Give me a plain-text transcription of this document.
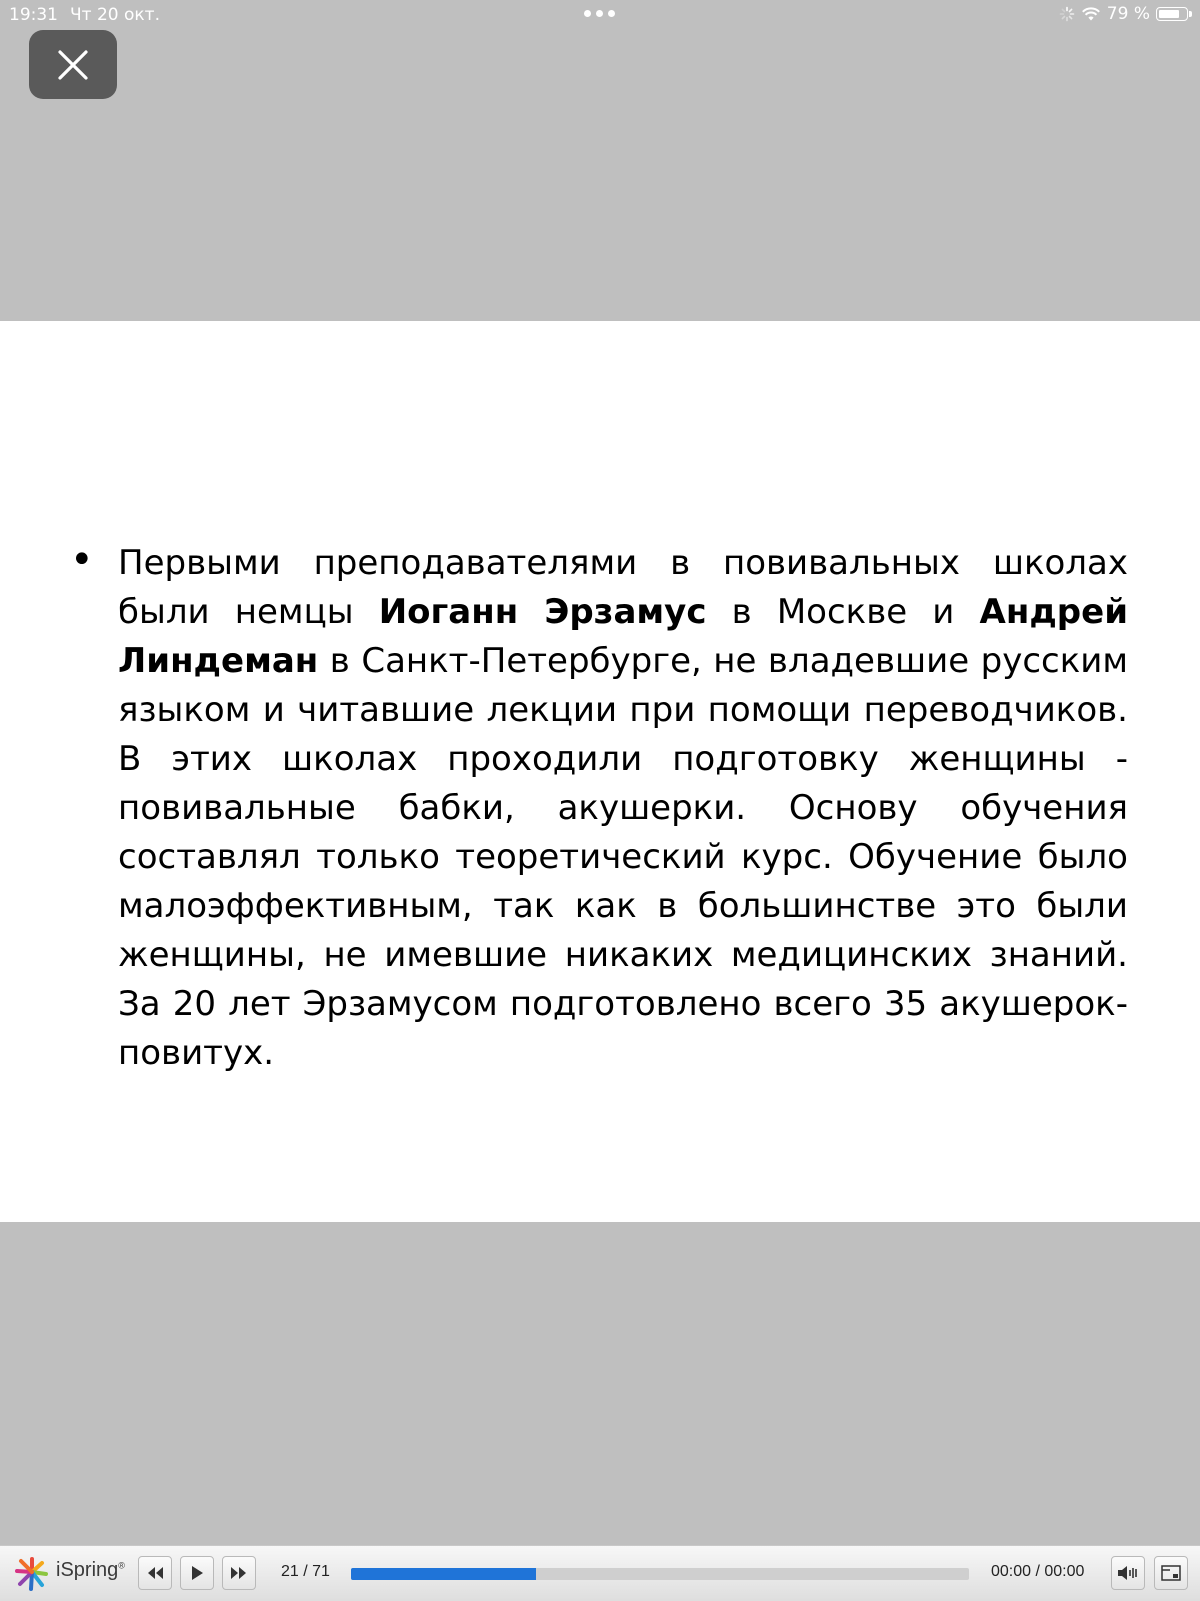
19:31 Чт 20 окт.	79 %
• Первыми преподавателями в повивальных школах были немцы Иоганн Эрзамус в Москве и Андрей Линдеман в Санкт-Петербурге, не владевшие русским языком и читавшие лекции при помощи переводчиков. В этих школах проходили подготовку женщины - повивальные бабки, акушерки. Основу обучения составлял только теоретический курс. Обучение было малоэффективным, так как в большинстве это были женщины, не имевшие никаких медицинских знаний. За 20 лет Эрзамусом подготовлено всего 35 акушерок-повитух.

iSpring®	21 / 71	00:00 / 00:00
